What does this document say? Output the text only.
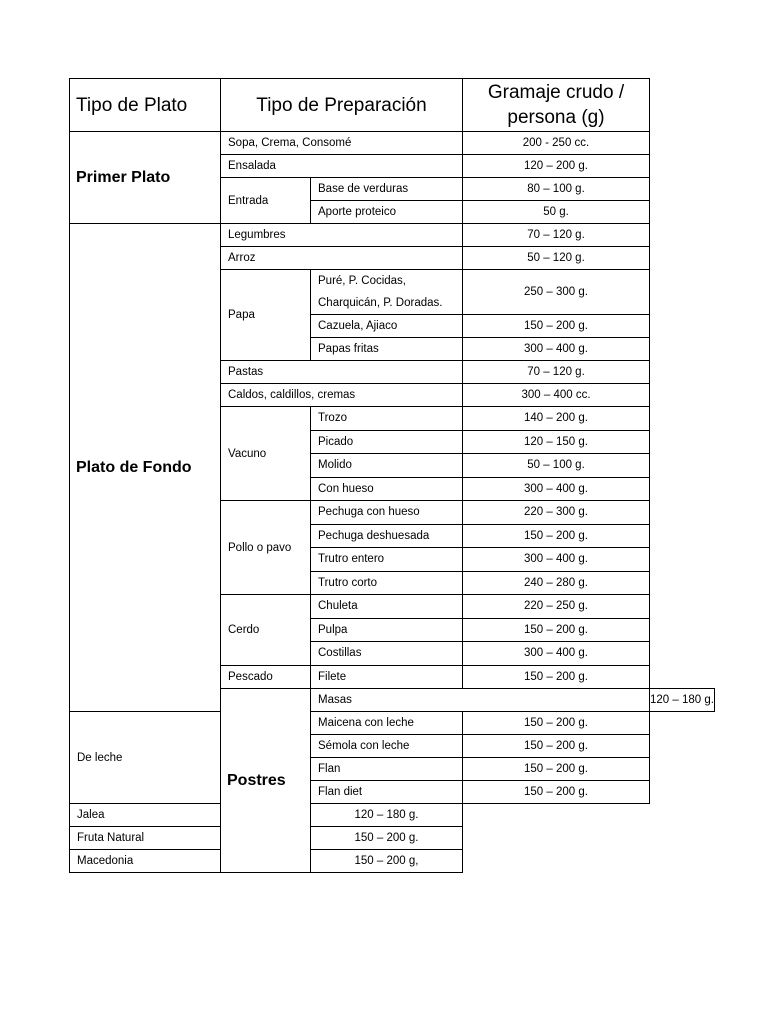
Tipo de Plato	Tipo de Preparación		Gramaje crudo /
persona (g)	
Primer Plato	Sopa, Crema, Consomé		200 - 250 cc.	
	Ensalada		120 – 200 g.	
	Entrada	Base de verduras	80 – 100 g.	
		Aporte proteico	50 g.	
Plato de Fondo	Legumbres		70 – 120 g.	
	Arroz		50 – 120 g.	
	Papa	Puré, P. Cocidas,
Charquicán, P. Doradas.	250 – 300 g.	
		Cazuela, Ajiaco	150 – 200 g.	
		Papas fritas	300 – 400 g.	
	Pastas		70 – 120 g.	
	Caldos, caldillos, cremas		300 – 400 cc.	
	Vacuno	Trozo	140 – 200 g.	
		Picado	120 – 150 g.	
		Molido	50 – 100 g.	
		Con hueso	300 – 400 g.	
	Pollo o pavo	Pechuga con hueso	220 – 300 g.	
		Pechuga deshuesada	150 – 200 g.	
		Trutro entero	300 – 400 g.	
		Trutro corto	240 – 280 g.	
	Cerdo	Chuleta	220 – 250 g.	
		Pulpa	150 – 200 g.	
		Costillas	300 – 400 g.	
	Pescado	Filete	150 – 200 g.	
	Postres	Masas		120 – 180 g.
De leche		Maicena con leche	150 – 200 g.	
		Sémola con leche	150 – 200 g.	
		Flan	150 – 200 g.	
		Flan diet	150 – 200 g.	
Jalea		120 – 180 g.		
Fruta Natural		150 – 200 g.		
Macedonia		150 – 200 g,		
